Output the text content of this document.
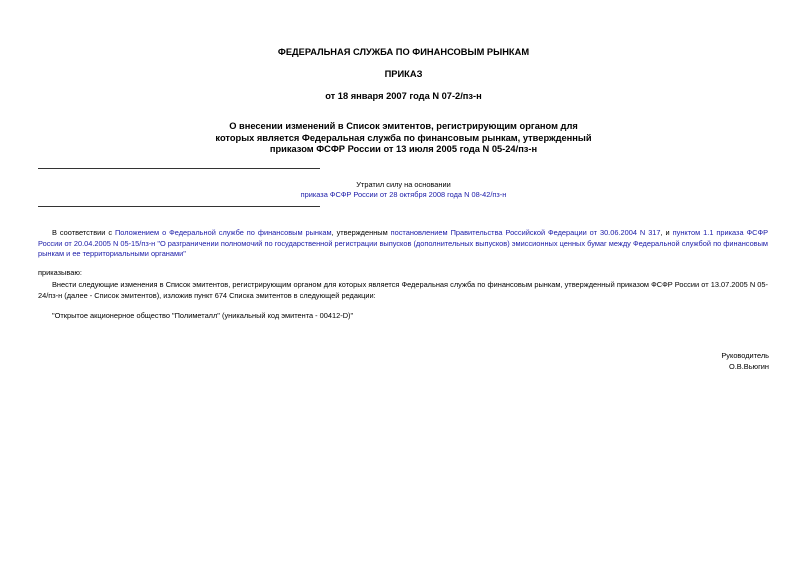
ФЕДЕРАЛЬНАЯ СЛУЖБА ПО ФИНАНСОВЫМ РЫНКАМ
ПРИКАЗ
от 18 января 2007 года N 07-2/пз-н
О внесении изменений в Список эмитентов, регистрирующим органом для
которых является Федеральная служба по финансовым рынкам, утвержденный
приказом ФСФР России от 13 июля 2005 года N 05-24/пз-н
Утратил силу на основании
приказа ФСФР России от 28 октября 2008 года N 08-42/пз-н
В соответствии с Положением о Федеральной службе по финансовым рынкам, утвержденным постановлением Правительства Российской Федерации от 30.06.2004 N 317, и пунктом 1.1 приказа ФСФР России от 20.04.2005 N 05-15/пз-н "О разграничении полномочий по государственной регистрации выпусков (дополнительных выпусков) эмиссионных ценных бумаг между Федеральной службой по финансовым рынкам и ее территориальными органами"
приказываю:
Внести следующие изменения в Список эмитентов, регистрирующим органом для которых является Федеральная служба по финансовым рынкам, утвержденный приказом ФСФР России от 13.07.2005 N 05-24/пз-н (далее - Список эмитентов), изложив пункт 674 Списка эмитентов в следующей редакции:
"Открытое акционерное общество "Полиметалл" (уникальный код эмитента - 00412-D)"
Руководитель
О.В.Вьюгин
